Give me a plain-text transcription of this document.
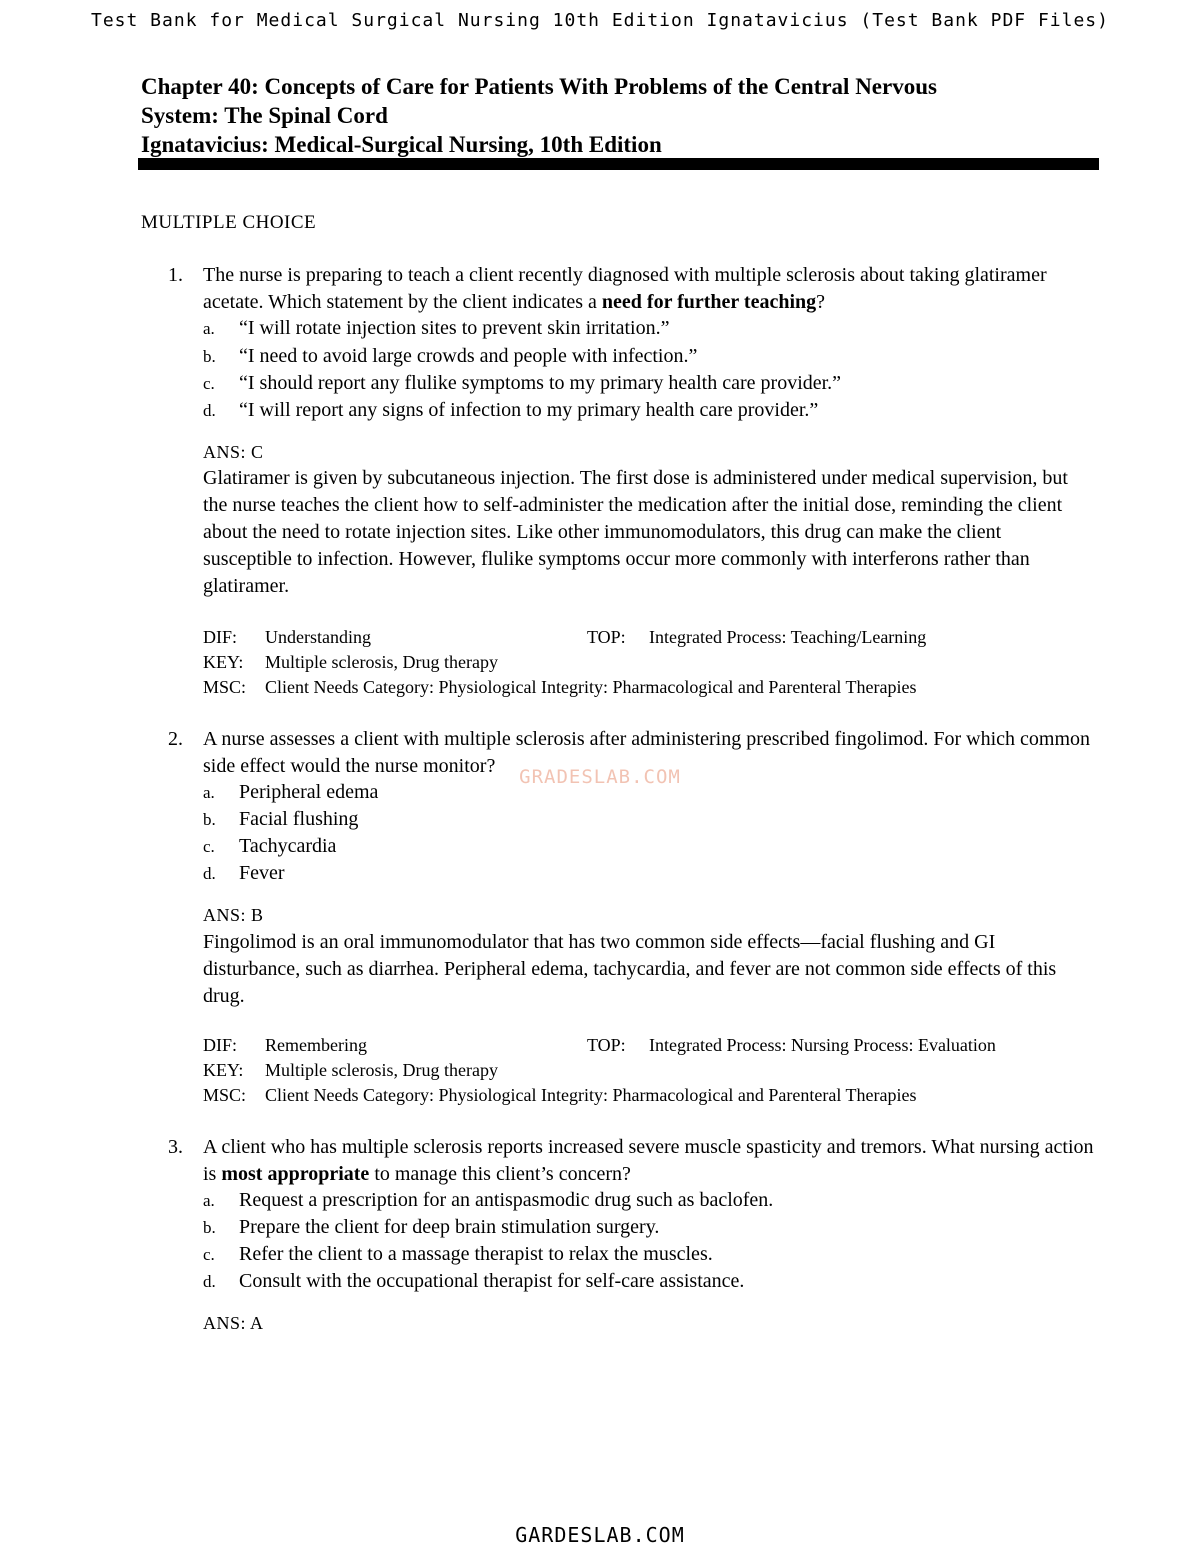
Test Bank for Medical Surgical Nursing 10th Edition Ignatavicius (Test Bank PDF Files)
Chapter 40: Concepts of Care for Patients With Problems of the Central Nervous
System: The Spinal Cord
Ignatavicius: Medical-Surgical Nursing, 10th Edition
MULTIPLE CHOICE
1. The nurse is preparing to teach a client recently diagnosed with multiple sclerosis about taking glatiramer acetate. Which statement by the client indicates a need for further teaching?
a. “I will rotate injection sites to prevent skin irritation.”
b. “I need to avoid large crowds and people with infection.”
c. “I should report any flulike symptoms to my primary health care provider.”
d. “I will report any signs of infection to my primary health care provider.”
ANS: C
Glatiramer is given by subcutaneous injection. The first dose is administered under medical supervision, but the nurse teaches the client how to self-administer the medication after the initial dose, reminding the client about the need to rotate injection sites. Like other immunomodulators, this drug can make the client susceptible to infection. However, flulike symptoms occur more commonly with interferons rather than glatiramer.
DIF: Understanding	TOP: Integrated Process: Teaching/Learning
KEY: Multiple sclerosis, Drug therapy
MSC: Client Needs Category: Physiological Integrity: Pharmacological and Parenteral Therapies
2. A nurse assesses a client with multiple sclerosis after administering prescribed fingolimod. For which common side effect would the nurse monitor?
a. Peripheral edema
b. Facial flushing
c. Tachycardia
d. Fever
ANS: B
Fingolimod is an oral immunomodulator that has two common side effects—facial flushing and GI disturbance, such as diarrhea. Peripheral edema, tachycardia, and fever are not common side effects of this drug.
DIF: Remembering	TOP: Integrated Process: Nursing Process: Evaluation
KEY: Multiple sclerosis, Drug therapy
MSC: Client Needs Category: Physiological Integrity: Pharmacological and Parenteral Therapies
3. A client who has multiple sclerosis reports increased severe muscle spasticity and tremors. What nursing action is most appropriate to manage this client’s concern?
a. Request a prescription for an antispasmodic drug such as baclofen.
b. Prepare the client for deep brain stimulation surgery.
c. Refer the client to a massage therapist to relax the muscles.
d. Consult with the occupational therapist for self-care assistance.
ANS: A
GRADESLAB.COM
GARDESLAB.COM
